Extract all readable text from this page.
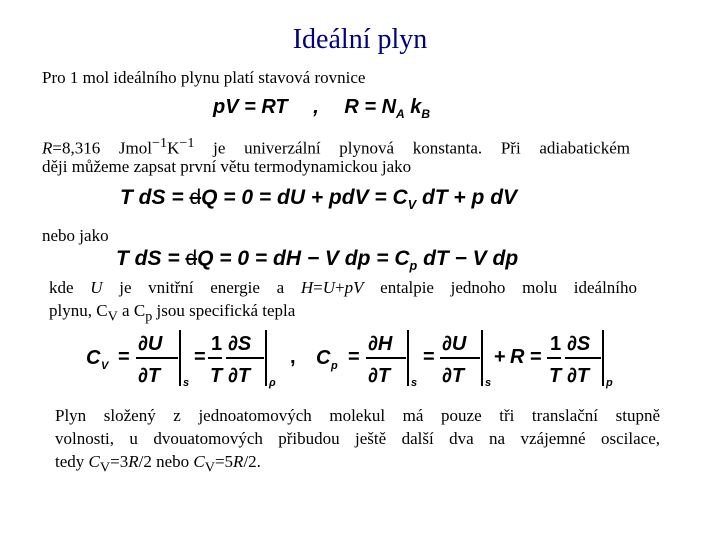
Ideální plyn
Pro 1 mol ideálního plynu platí stavová rovnice
pV = RT , $R = N_A$ $k_B$
R=8,316 $Jmol^{-1}K^{-1}$ je univerzální plynová konstanta. Při adiabatickém
ději můžeme zapsat první větu termodynamickou jako
T dS = dQ = 0 = dU + pdV = $C_V$ dT + p dV
nebo jako
T dS = dQ = 0 = dH − V dp = $C_p$ dT − V dp
kde U je vnitřní energie a H=U+pV entalpie jednoho molu ideálního
plynu, $C_V$ a $C_p$ jsou specifická tepla
C V =
∂U
∂T s
=
1
T
∂S
∂T ρ
, C p =
∂H
∂T s
=
∂U
∂T s
+ R =
1
T
∂S
∂T p
Plyn složený z jednoatomových molekul má pouze tři translační stupně
volnosti, u dvouatomových přibudou ještě další dva na vzájemné oscilace,
tedy $C_V=3R/2$ nebo $C_V=5R/2$.
